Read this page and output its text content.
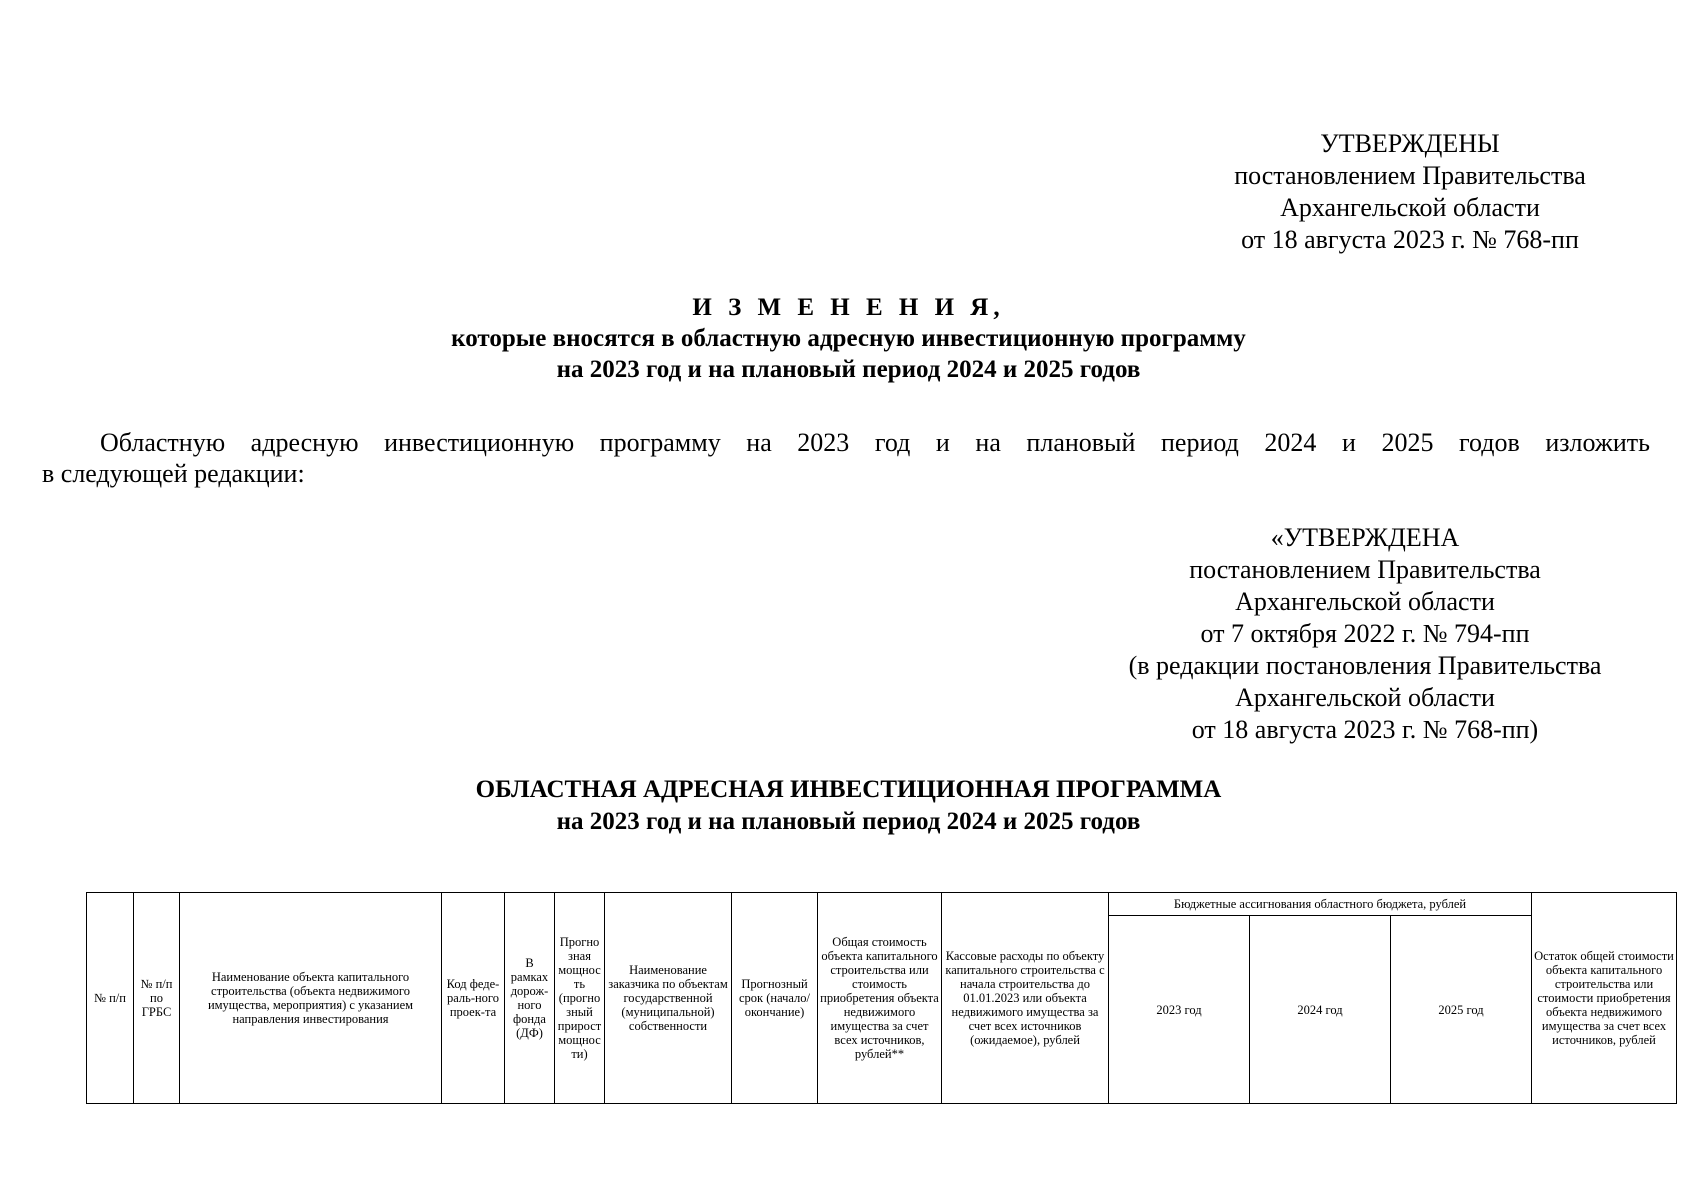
УТВЕРЖДЕНЫ
постановлением Правительства
Архангельской области
от 18 августа 2023 г. № 768-пп
И З М Е Н Е Н И Я,
которые вносятся в областную адресную инвестиционную программу
на 2023 год и на плановый период 2024 и 2025 годов
Областную адресную инвестиционную программу на 2023 год и на плановый период 2024 и 2025 годов изложить
в следующей редакции:
«УТВЕРЖДЕНА
постановлением Правительства
Архангельской области
от 7 октября 2022 г. № 794-пп
(в редакции постановления Правительства
Архангельской области
от 18 августа 2023 г. № 768-пп)
ОБЛАСТНАЯ АДРЕСНАЯ ИНВЕСТИЦИОННАЯ ПРОГРАММА
на 2023 год и на плановый период 2024 и 2025 годов
№ п/п	№ п/п по ГРБС	Наименование объекта капитального строительства (объекта недвижимого имущества, мероприятия) с указанием направления инвестирования	Код феде-раль-ного проек-та	В рамках дорож-ного фонда (ДФ)	Прогно зная мощнос ть (прогно зный прирост мощнос ти)	Наименование заказчика по объектам государственной (муниципальной) собственности	Прогнозный срок (начало/ окончание)	Общая стоимость объекта капитального строительства или стоимость приобретения объекта недвижимого имущества за счет всех источников, рублей**	Кассовые расходы по объекту капитального строительства с начала строительства до 01.01.2023 или объекта недвижимого имущества за счет всех источников (ожидаемое), рублей	Бюджетные ассигнования областного бюджета, рублей			Остаток общей стоимости объекта капитального строительства или стоимости приобретения объекта недвижимого имущества за счет всех источников, рублей
										2023 год	2024 год	2025 год	
